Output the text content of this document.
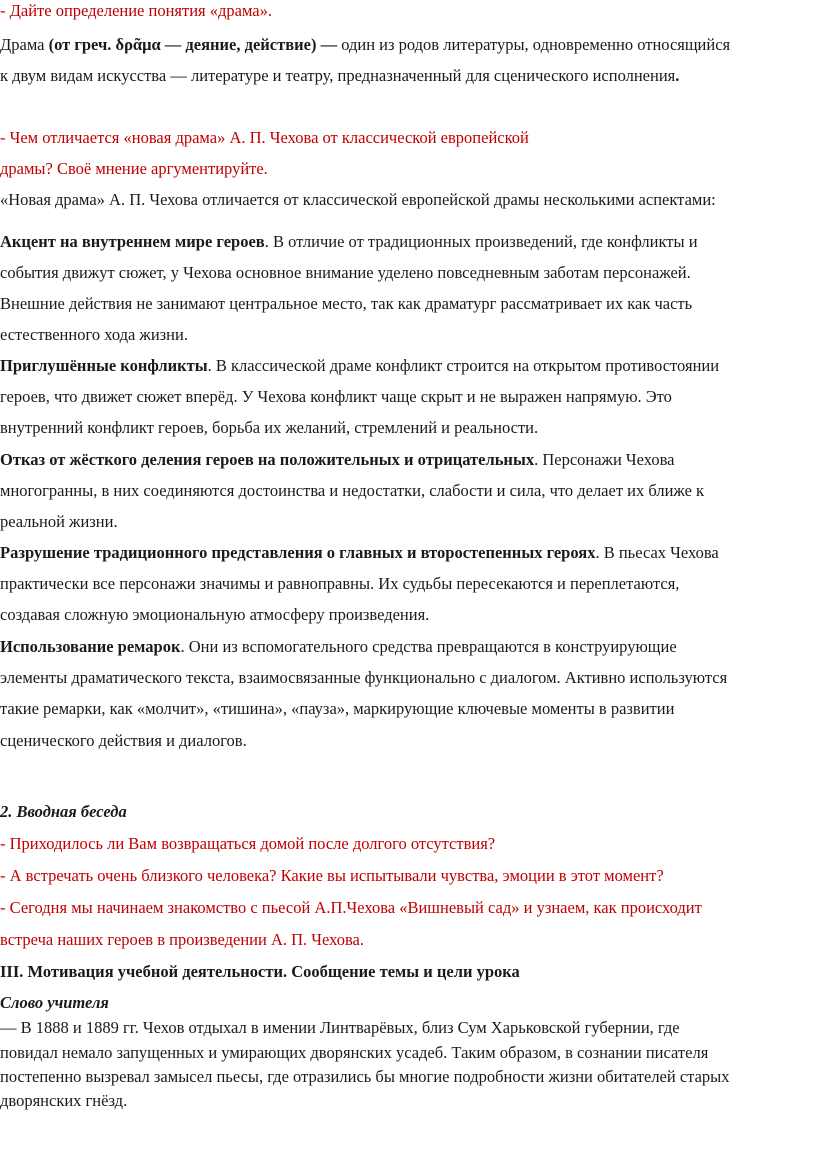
- Дайте определение понятия «драма».

Драма (от греч. δρᾶμα — деяние, действие) — один из родов литературы, одновременно относящийся

к двум видам искусства — литературе и театру, предназначенный для сценического исполнения.

- Чем отличается «новая драма» А. П. Чехова от классической европейской

драмы? Своё мнение аргументируйте.

«Новая драма» А. П. Чехова отличается от классической европейской драмы несколькими аспектами:

Акцент на внутреннем мире героев. В отличие от традиционных произведений, где конфликты и

события движут сюжет, у Чехова основное внимание уделено повседневным заботам персонажей.

Внешние действия не занимают центральное место, так как драматург рассматривает их как часть

естественного хода жизни.

Приглушённые конфликты. В классической драме конфликт строится на открытом противостоянии

героев, что движет сюжет вперёд. У Чехова конфликт чаще скрыт и не выражен напрямую. Это

внутренний конфликт героев, борьба их желаний, стремлений и реальности.

Отказ от жёсткого деления героев на положительных и отрицательных. Персонажи Чехова

многогранны, в них соединяются достоинства и недостатки, слабости и сила, что делает их ближе к

реальной жизни.

Разрушение традиционного представления о главных и второстепенных героях. В пьесах Чехова

практически все персонажи значимы и равноправны. Их судьбы пересекаются и переплетаются,

создавая сложную эмоциональную атмосферу произведения.

Использование ремарок. Они из вспомогательного средства превращаются в конструирующие

элементы драматического текста, взаимосвязанные функционально с диалогом. Активно используются

такие ремарки, как «молчит», «тишина», «пауза», маркирующие ключевые моменты в развитии

сценического действия и диалогов.

2. Вводная беседа

- Приходилось ли Вам возвращаться домой после долгого отсутствия?

- А встречать очень близкого человека? Какие вы испытывали чувства, эмоции в этот момент?

- Сегодня мы начинаем знакомство с пьесой А.П.Чехова «Вишневый сад» и узнаем, как происходит

встреча наших героев в произведении А. П. Чехова.

III. Мотивация учебной деятельности. Сообщение темы и цели урока

Слово учителя

— В 1888 и 1889 гг. Чехов отдыхал в имении Линтварёвых, близ Сум Харьковской губернии, где

повидал немало запущенных и умирающих дворянских усадеб. Таким образом, в сознании писателя

постепенно вызревал замысел пьесы, где отразились бы многие подробности жизни обитателей старых

дворянских гнёзд.
